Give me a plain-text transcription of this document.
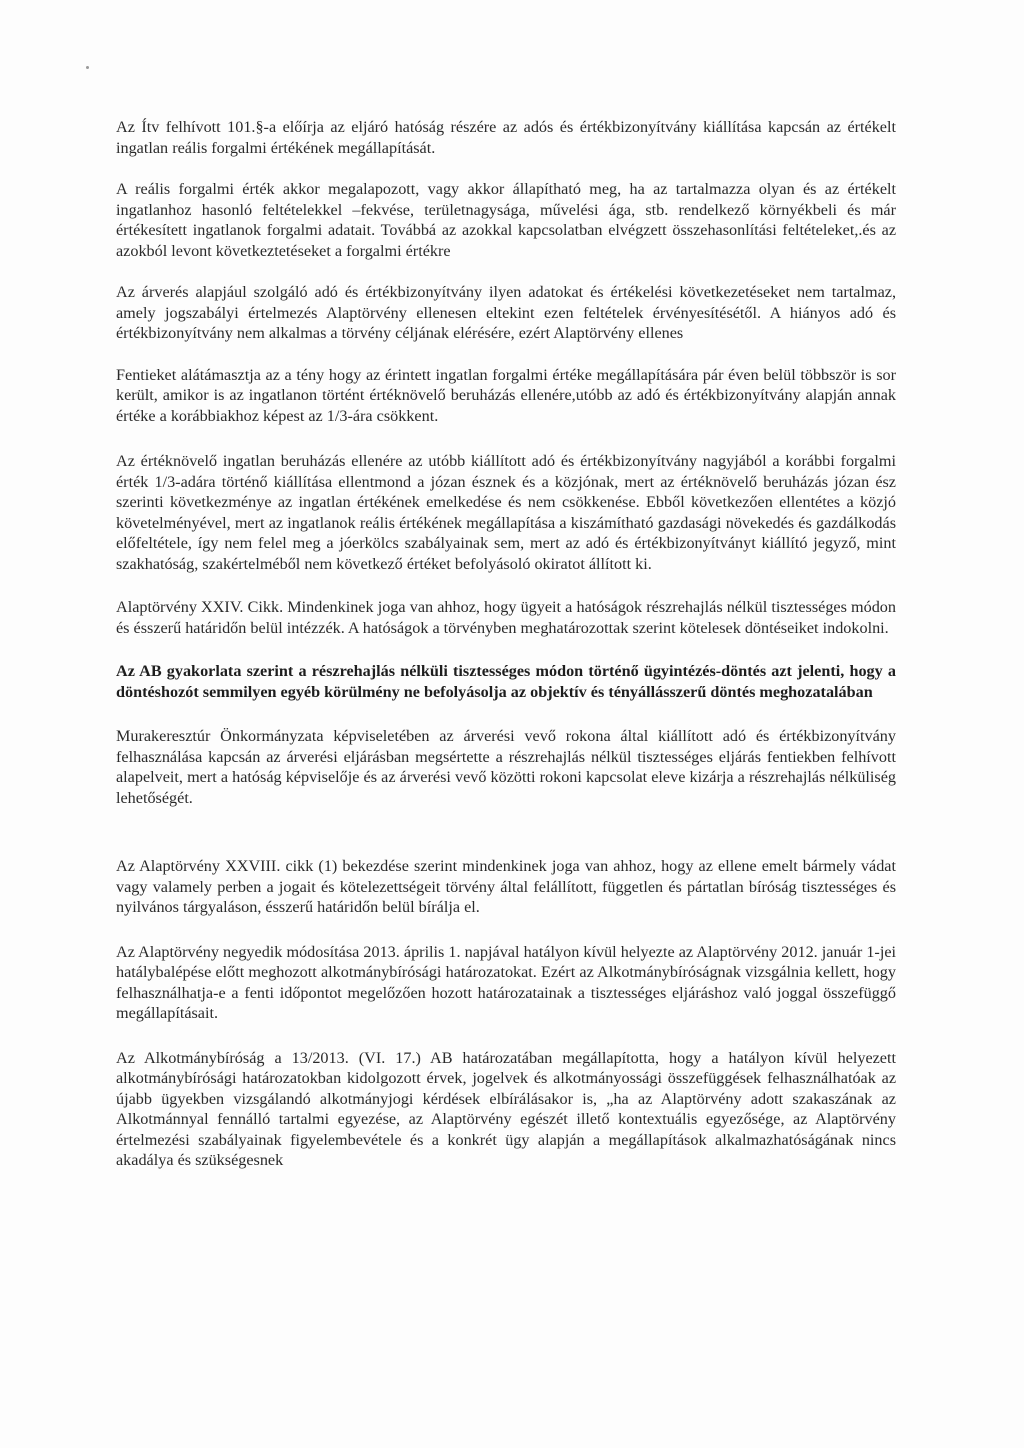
Az Ítv felhívott 101.§-a előírja az eljáró hatóság részére az adós és értékbizonyítvány kiállítása kapcsán az értékelt ingatlan reális forgalmi értékének megállapítását.

A reális forgalmi érték akkor megalapozott, vagy akkor állapítható meg, ha az tartalmazza olyan és az értékelt ingatlanhoz hasonló feltételekkel –fekvése, területnagysága, művelési ága, stb. rendelkező környékbeli és már értékesített ingatlanok forgalmi adatait. Továbbá az azokkal kapcsolatban elvégzett összehasonlítási feltételeket,.és az azokból levont következtetéseket a forgalmi értékre

Az árverés alapjául szolgáló adó és értékbizonyítvány ilyen adatokat és értékelési következetéseket nem tartalmaz, amely jogszabályi értelmezés Alaptörvény ellenesen eltekint ezen feltételek érvényesítésétől. A hiányos adó és értékbizonyítvány nem alkalmas a törvény céljának elérésére, ezért Alaptörvény ellenes

Fentieket alátámasztja az a tény hogy az érintett ingatlan forgalmi értéke megállapítására pár éven belül többször is sor került, amikor is az ingatlanon történt értéknövelő beruházás ellenére,utóbb az adó és értékbizonyítvány alapján annak értéke a korábbiakhoz képest az 1/3-ára csökkent.

Az értéknövelő ingatlan beruházás ellenére az utóbb kiállított adó és értékbizonyítvány nagyjából a korábbi forgalmi érték 1/3-adára történő kiállítása ellentmond a józan észnek és a közjónak, mert az értéknövelő beruházás józan ész szerinti következménye az ingatlan értékének emelkedése és nem csökkenése. Ebből következően ellentétes a közjó követelményével, mert az ingatlanok reális értékének megállapítása a kiszámítható gazdasági növekedés és gazdálkodás előfeltétele, így nem felel meg a jóerkölcs szabályainak sem, mert az adó és értékbizonyítványt kiállító jegyző, mint szakhatóság, szakértelméből nem következő értéket befolyásoló okiratot állított ki.

Alaptörvény XXIV. Cikk. Mindenkinek joga van ahhoz, hogy ügyeit a hatóságok részrehajlás nélkül tisztességes módon és ésszerű határidőn belül intézzék. A hatóságok a törvényben meghatározottak szerint kötelesek döntéseiket indokolni.

Az AB gyakorlata szerint a részrehajlás nélküli tisztességes módon történő ügyintézés-döntés azt jelenti, hogy a döntéshozót semmilyen egyéb körülmény ne befolyásolja az objektív és tényállásszerű döntés meghozatalában

Murakeresztúr Önkormányzata képviseletében az árverési vevő rokona által kiállított adó és értékbizonyítvány felhasználása kapcsán az árverési eljárásban megsértette a részrehajlás nélkül tisztességes eljárás fentiekben felhívott alapelveit, mert a hatóság képviselője és az árverési vevő közötti rokoni kapcsolat eleve kizárja a részrehajlás nélküliség lehetőségét.

Az Alaptörvény XXVIII. cikk (1) bekezdése szerint mindenkinek joga van ahhoz, hogy az ellene emelt bármely vádat vagy valamely perben a jogait és kötelezettségeit törvény által felállított, független és pártatlan bíróság tisztességes és nyilvános tárgyaláson, ésszerű határidőn belül bírálja el.

Az Alaptörvény negyedik módosítása 2013. április 1. napjával hatályon kívül helyezte az Alaptörvény 2012. január 1-jei hatálybalépése előtt meghozott alkotmánybírósági határozatokat. Ezért az Alkotmánybíróságnak vizsgálnia kellett, hogy felhasználhatja-e a fenti időpontot megelőzően hozott határozatainak a tisztességes eljáráshoz való joggal összefüggő megállapításait.

Az Alkotmánybíróság a 13/2013. (VI. 17.) AB határozatában megállapította, hogy a hatályon kívül helyezett alkotmánybírósági határozatokban kidolgozott érvek, jogelvek és alkotmányossági összefüggések felhasználhatóak az újabb ügyekben vizsgálandó alkotmányjogi kérdések elbírálásakor is, „ha az Alaptörvény adott szakaszának az Alkotmánnyal fennálló tartalmi egyezése, az Alaptörvény egészét illető kontextuális egyezősége, az Alaptörvény értelmezési szabályainak figyelembevétele és a konkrét ügy alapján a megállapítások alkalmazhatóságának nincs akadálya és szükségesnek
